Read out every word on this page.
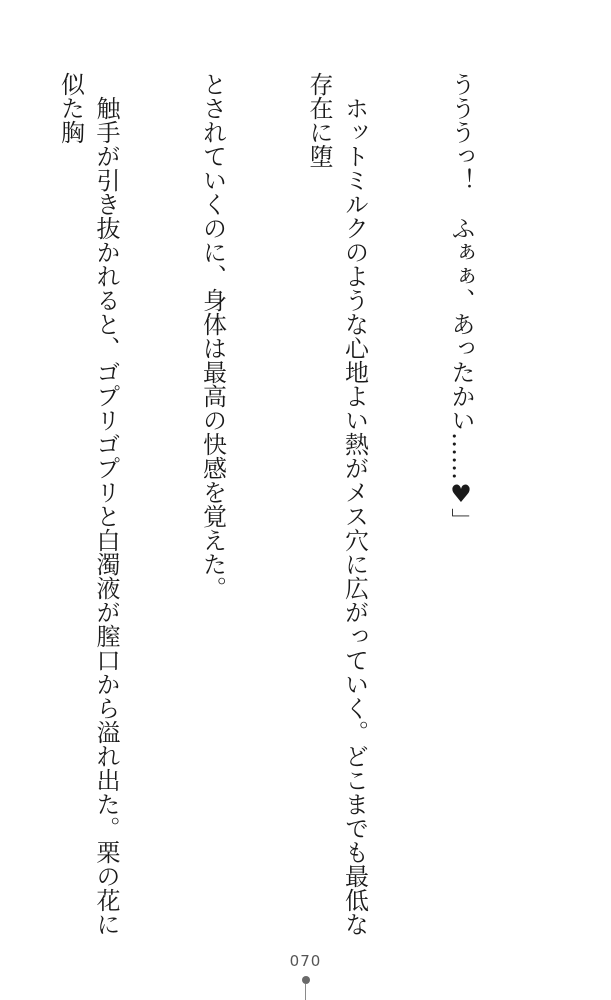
うううっ！　ふぁぁ、あったかい……♥」

　ホットミルクのような心地よい熱がメス穴に広がっていく。どこまでも最低な存在に堕

とされていくのに、身体は最高の快感を覚えた。

　触手が引き抜かれると、ゴプリゴプリと白濁液が膣口から溢れ出た。栗の花に似た胸

070
